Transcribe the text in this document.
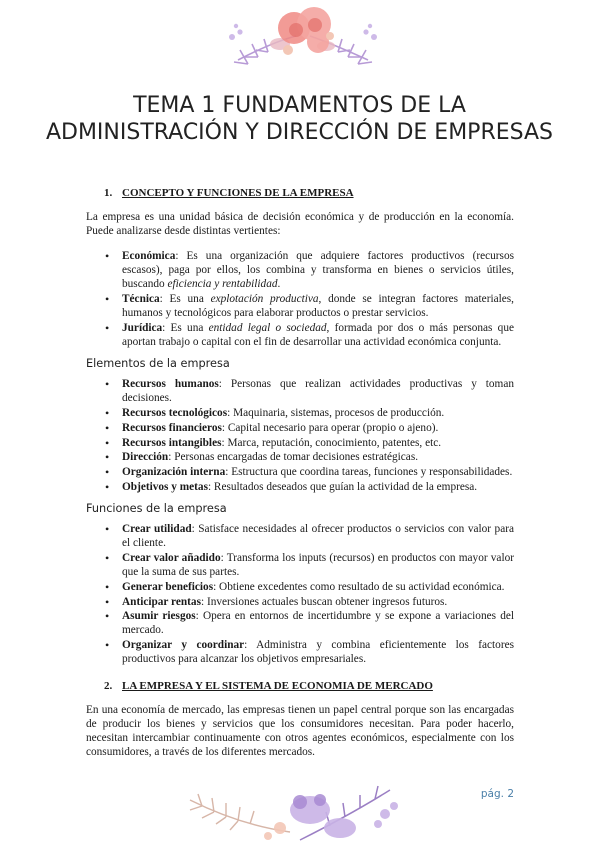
TEMA 1 FUNDAMENTOS DE LA ADMINISTRACIÓN Y DIRECCIÓN DE EMPRESAS
1. CONCEPTO Y FUNCIONES DE LA EMPRESA

La empresa es una unidad básica de decisión económica y de producción en la economía. Puede analizarse desde distintas vertientes:

• Económica: Es una organización que adquiere factores productivos (recursos escasos), paga por ellos, los combina y transforma en bienes o servicios útiles, buscando eficiencia y rentabilidad.
• Técnica: Es una explotación productiva, donde se integran factores materiales, humanos y tecnológicos para elaborar productos o prestar servicios.
• Jurídica: Es una entidad legal o sociedad, formada por dos o más personas que aportan trabajo o capital con el fin de desarrollar una actividad económica conjunta.
Elementos de la empresa
• Recursos humanos: Personas que realizan actividades productivas y toman decisiones.
• Recursos tecnológicos: Maquinaria, sistemas, procesos de producción.
• Recursos financieros: Capital necesario para operar (propio o ajeno).
• Recursos intangibles: Marca, reputación, conocimiento, patentes, etc.
• Dirección: Personas encargadas de tomar decisiones estratégicas.
• Organización interna: Estructura que coordina tareas, funciones y responsabilidades.
• Objetivos y metas: Resultados deseados que guían la actividad de la empresa.
Funciones de la empresa
• Crear utilidad: Satisface necesidades al ofrecer productos o servicios con valor para el cliente.
• Crear valor añadido: Transforma los inputs (recursos) en productos con mayor valor que la suma de sus partes.
• Generar beneficios: Obtiene excedentes como resultado de su actividad económica.
• Anticipar rentas: Inversiones actuales buscan obtener ingresos futuros.
• Asumir riesgos: Opera en entornos de incertidumbre y se expone a variaciones del mercado.
• Organizar y coordinar: Administra y combina eficientemente los factores productivos para alcanzar los objetivos empresariales.
2. LA EMPRESA Y EL SISTEMA DE ECONOMIA DE MERCADO

En una economía de mercado, las empresas tienen un papel central porque son las encargadas de producir los bienes y servicios que los consumidores necesitan. Para poder hacerlo, necesitan intercambiar continuamente con otros agentes económicos, especialmente con los consumidores, a través de los diferentes mercados.

pág. 2
